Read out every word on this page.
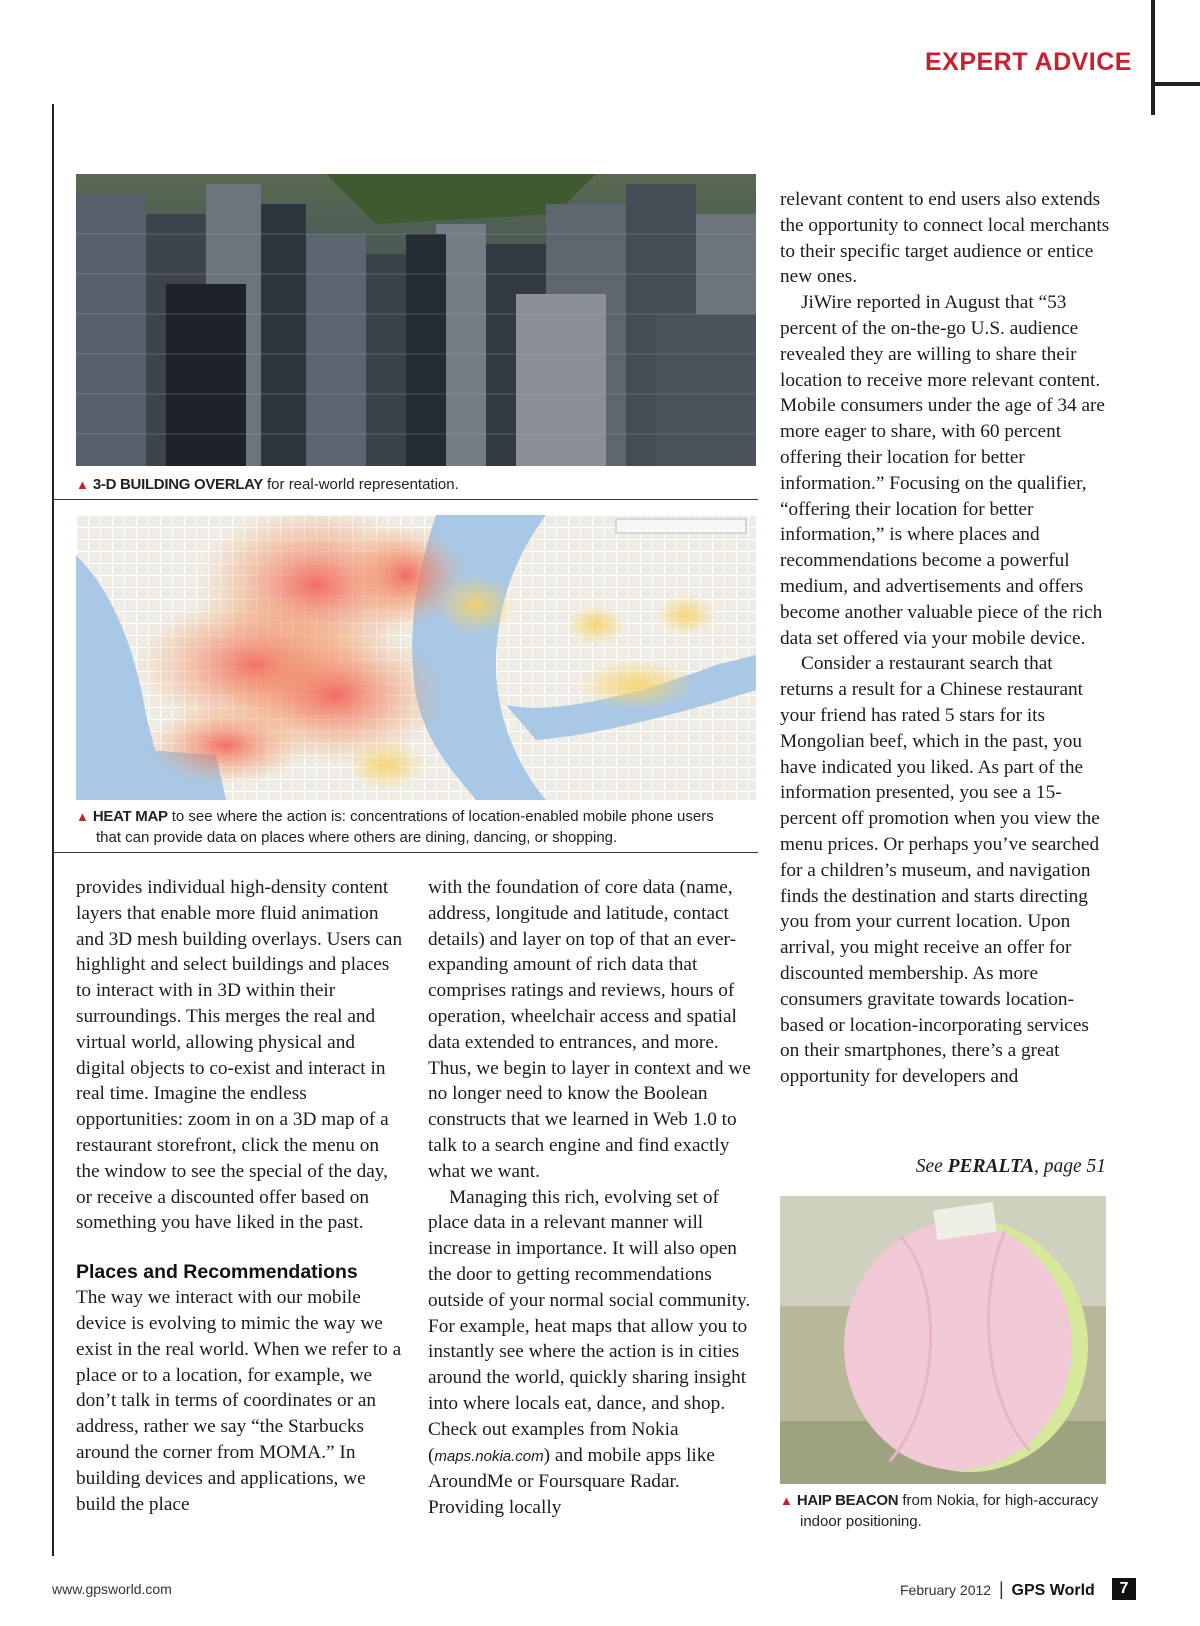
EXPERT ADVICE
▲ 3-D BUILDING OVERLAY for real-world representation.
▲ HEAT MAP to see where the action is: concentrations of location-enabled mobile phone users
that can provide data on places where others are dining, dancing, or shopping.

provides individual high-density content layers that enable more fluid animation and 3D mesh building overlays. Users can highlight and select buildings and places to interact with in 3D within their surroundings. This merges the real and virtual world, allowing physical and digital objects to co-exist and interact in real time. Imagine the endless opportunities: zoom in on a 3D map of a restaurant storefront, click the menu on the window to see the special of the day, or receive a discounted offer based on something you have liked in the past.

Places and Recommendations

The way we interact with our mobile device is evolving to mimic the way we exist in the real world. When we refer to a place or to a location, for example, we don’t talk in terms of coordinates or an address, rather we say “the Starbucks around the corner from MOMA.” In building devices and applications, we build the place

with the foundation of core data (name, address, longitude and latitude, contact details) and layer on top of that an ever-expanding amount of rich data that comprises ratings and reviews, hours of operation, wheelchair access and spatial data extended to entrances, and more. Thus, we begin to layer in context and we no longer need to know the Boolean constructs that we learned in Web 1.0 to talk to a search engine and find exactly what we want.

Managing this rich, evolving set of place data in a relevant manner will increase in importance. It will also open the door to getting recommendations outside of your normal social community. For example, heat maps that allow you to instantly see where the action is in cities around the world, quickly sharing insight into where locals eat, dance, and shop. Check out examples from Nokia (maps.nokia.com) and mobile apps like AroundMe or Foursquare Radar. Providing locally

relevant content to end users also extends the opportunity to connect local merchants to their specific target audience or entice new ones.

JiWire reported in August that “53 percent of the on-the-go U.S. audience revealed they are willing to share their location to receive more relevant content. Mobile consumers under the age of 34 are more eager to share, with 60 percent offering their location for better information.” Focusing on the qualifier, “offering their location for better information,” is where places and recommendations become a powerful medium, and advertisements and offers become another valuable piece of the rich data set offered via your mobile device.

Consider a restaurant search that returns a result for a Chinese restaurant your friend has rated 5 stars for its Mongolian beef, which in the past, you have indicated you liked. As part of the information presented, you see a 15-percent off promotion when you view the menu prices. Or perhaps you’ve searched for a children’s museum, and navigation finds the destination and starts directing you from your current location. Upon arrival, you might receive an offer for discounted membership. As more consumers gravitate towards location-based or location-incorporating services on their smartphones, there’s a great opportunity for developers and

See PERALTA, page 51
▲ HAIP BEACON from Nokia, for high-accuracy
indoor positioning.
www.gpsworld.com	February 2012 | GPS World	7
